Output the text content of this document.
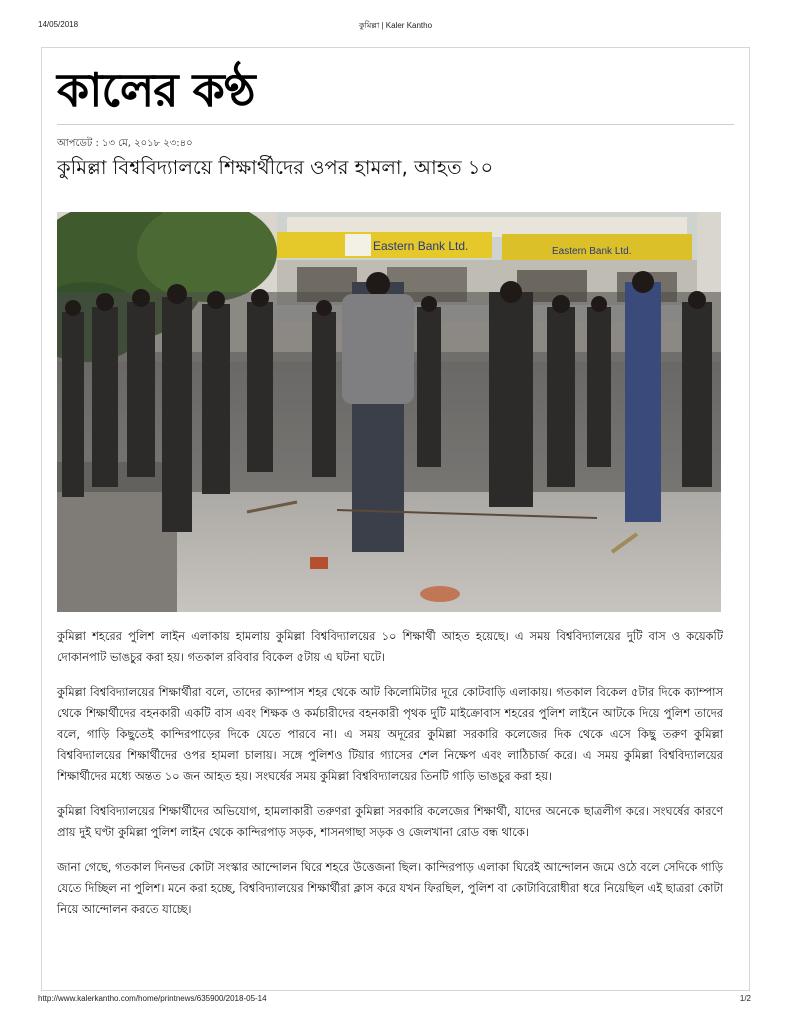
14/05/2018	কুমিল্লা | Kaler Kantho
কালের কণ্ঠ
আপডেট : ১৩ মে, ২০১৮ ২৩:৪০
কুমিল্লা বিশ্ববিদ্যালয়ে শিক্ষার্থীদের ওপর হামলা, আহত ১০
Eastern Bank Ltd.	Eastern Bank Ltd.

কুমিল্লা শহরের পুলিশ লাইন এলাকায় হামলায় কুমিল্লা বিশ্ববিদ্যালয়ের ১০ শিক্ষার্থী আহত হয়েছে। এ সময় বিশ্ববিদ্যালয়ের দুটি বাস ও কয়েকটি দোকানপাট ভাঙচুর করা হয়। গতকাল রবিবার বিকেল ৫টায় এ ঘটনা ঘটে।

কুমিল্লা বিশ্ববিদ্যালয়ের শিক্ষার্থীরা বলে, তাদের ক্যাম্পাস শহর থেকে আট কিলোমিটার দূরে কোটবাড়ি এলাকায়। গতকাল বিকেল ৫টার দিকে ক্যাম্পাস থেকে শিক্ষার্থীদের বহনকারী একটি বাস এবং শিক্ষক ও কর্মচারীদের বহনকারী পৃথক দুটি মাইক্রোবাস শহরের পুলিশ লাইনে আটকে দিয়ে পুলিশ তাদের বলে, গাড়ি কিছুতেই কান্দিরপাড়ের দিকে যেতে পারবে না। এ সময় অদূরের কুমিল্লা সরকারি কলেজের দিক থেকে এসে কিছু তরুণ কুমিল্লা বিশ্ববিদ্যালয়ের শিক্ষার্থীদের ওপর হামলা চালায়। সঙ্গে পুলিশও টিয়ার গ্যাসের শেল নিক্ষেপ এবং লাঠিচার্জ করে। এ সময় কুমিল্লা বিশ্ববিদ্যালয়ের শিক্ষার্থীদের মধ্যে অন্তত ১০ জন আহত হয়। সংঘর্ষের সময় কুমিল্লা বিশ্ববিদ্যালয়ের তিনটি গাড়ি ভাঙচুর করা হয়।

কুমিল্লা বিশ্ববিদ্যালয়ের শিক্ষার্থীদের অভিযোগ, হামলাকারী তরুণরা কুমিল্লা সরকারি কলেজের শিক্ষার্থী, যাদের অনেকে ছাত্রলীগ করে। সংঘর্ষের কারণে প্রায় দুই ঘণ্টা কুমিল্লা পুলিশ লাইন থেকে কান্দিরপাড় সড়ক, শাসনগাছা সড়ক ও জেলখানা রোড বন্ধ থাকে।

জানা গেছে, গতকাল দিনভর কোটা সংস্কার আন্দোলন ঘিরে শহরে উত্তেজনা ছিল। কান্দিরপাড় এলাকা ঘিরেই আন্দোলন জমে ওঠে বলে সেদিকে গাড়ি যেতে দিচ্ছিল না পুলিশ। মনে করা হচ্ছে, বিশ্ববিদ্যালয়ের শিক্ষার্থীরা ক্লাস করে যখন ফিরছিল, পুলিশ বা কোটাবিরোধীরা ধরে নিয়েছিল এই ছাত্ররা কোটা নিয়ে আন্দোলন করতে যাচ্ছে।

http://www.kalerkantho.com/home/printnews/635900/2018-05-14	1/2
